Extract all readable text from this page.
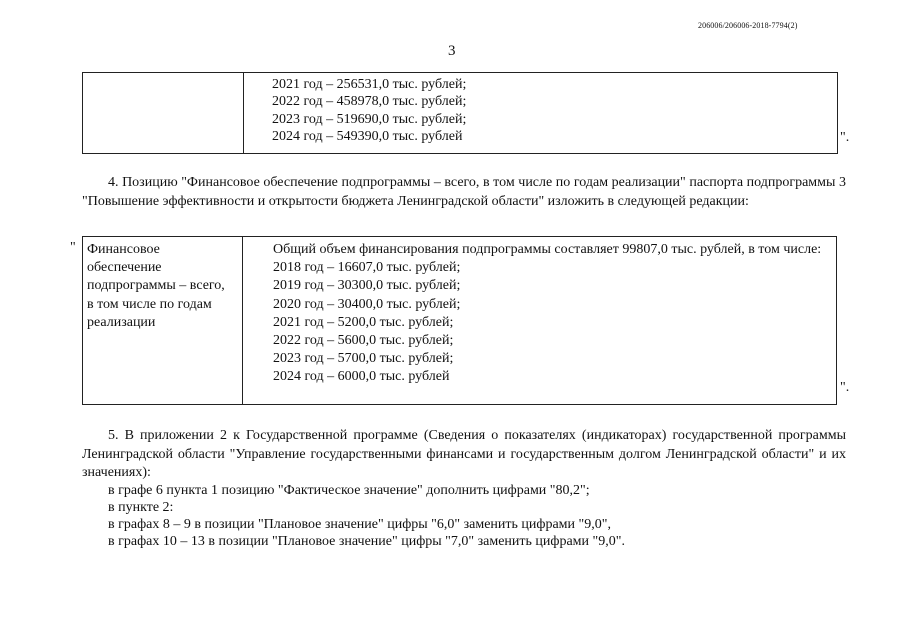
206006/206006-2018-7794(2)
3

2021 год – 256531,0 тыс. рублей;
2022 год – 458978,0 тыс. рублей;
2023 год – 519690,0 тыс. рублей;
2024 год – 549390,0 тыс. рублей	".
4. Позицию "Финансовое обеспечение подпрограммы – всего, в том числе по годам реализации" паспорта подпрограммы 3 "Повышение эффективности и открытости бюджета Ленинградской области" изложить в следующей редакции:
" Финансовое
обеспечение
подпрограммы – всего,
в том числе по годам
реализации

Общий объем финансирования подпрограммы составляет 99807,0 тыс. рублей, в том числе:
2018 год – 16607,0 тыс. рублей;
2019 год – 30300,0 тыс. рублей;
2020 год – 30400,0 тыс. рублей;
2021 год – 5200,0 тыс. рублей;
2022 год – 5600,0 тыс. рублей;
2023 год – 5700,0 тыс. рублей;
2024 год – 6000,0 тыс. рублей
".
5. В приложении 2 к Государственной программе (Сведения о показателях (индикаторах) государственной программы Ленинградской области "Управление государственными финансами и государственным долгом Ленинградской области" и их значениях):
в графе 6 пункта 1 позицию "Фактическое значение" дополнить цифрами "80,2";
в пункте 2:
в графах 8 – 9 в позиции "Плановое значение" цифры "6,0" заменить цифрами "9,0",
в графах 10 – 13 в позиции "Плановое значение" цифры "7,0" заменить цифрами "9,0".
